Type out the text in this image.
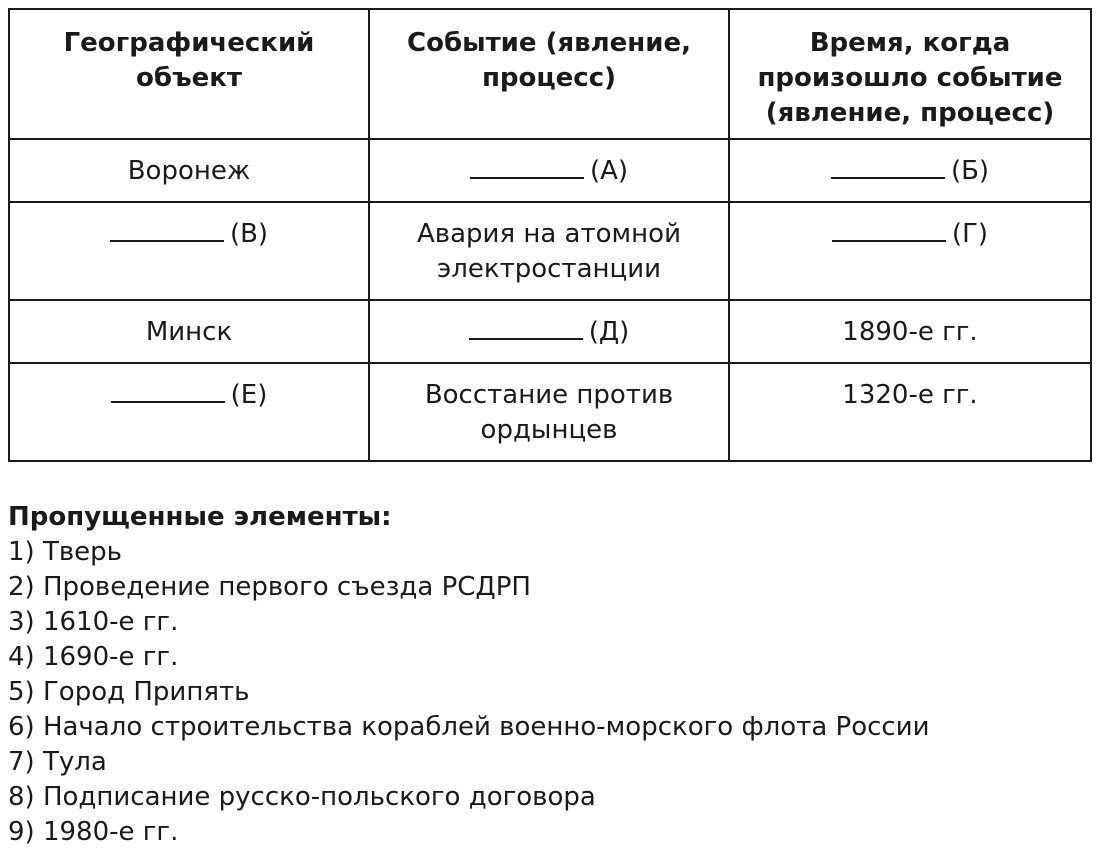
Географический объект	Событие (явление, процесс)	Время, когда произошло событие (явление, процесс)
Воронеж	(А)	(Б)
(В)	Авария на атомной электростанции	(Г)
Минск	(Д)	1890-е гг.
(Е)	Восстание против ордынцев	1320-е гг.

Пропущенные элементы:

1) Тверь
2) Проведение первого съезда РСДРП
3) 1610-е гг.
4) 1690-е гг.
5) Город Припять
6) Начало строительства кораблей военно-морского флота России
7) Тула
8) Подписание русско-польского договора
9) 1980-е гг.
